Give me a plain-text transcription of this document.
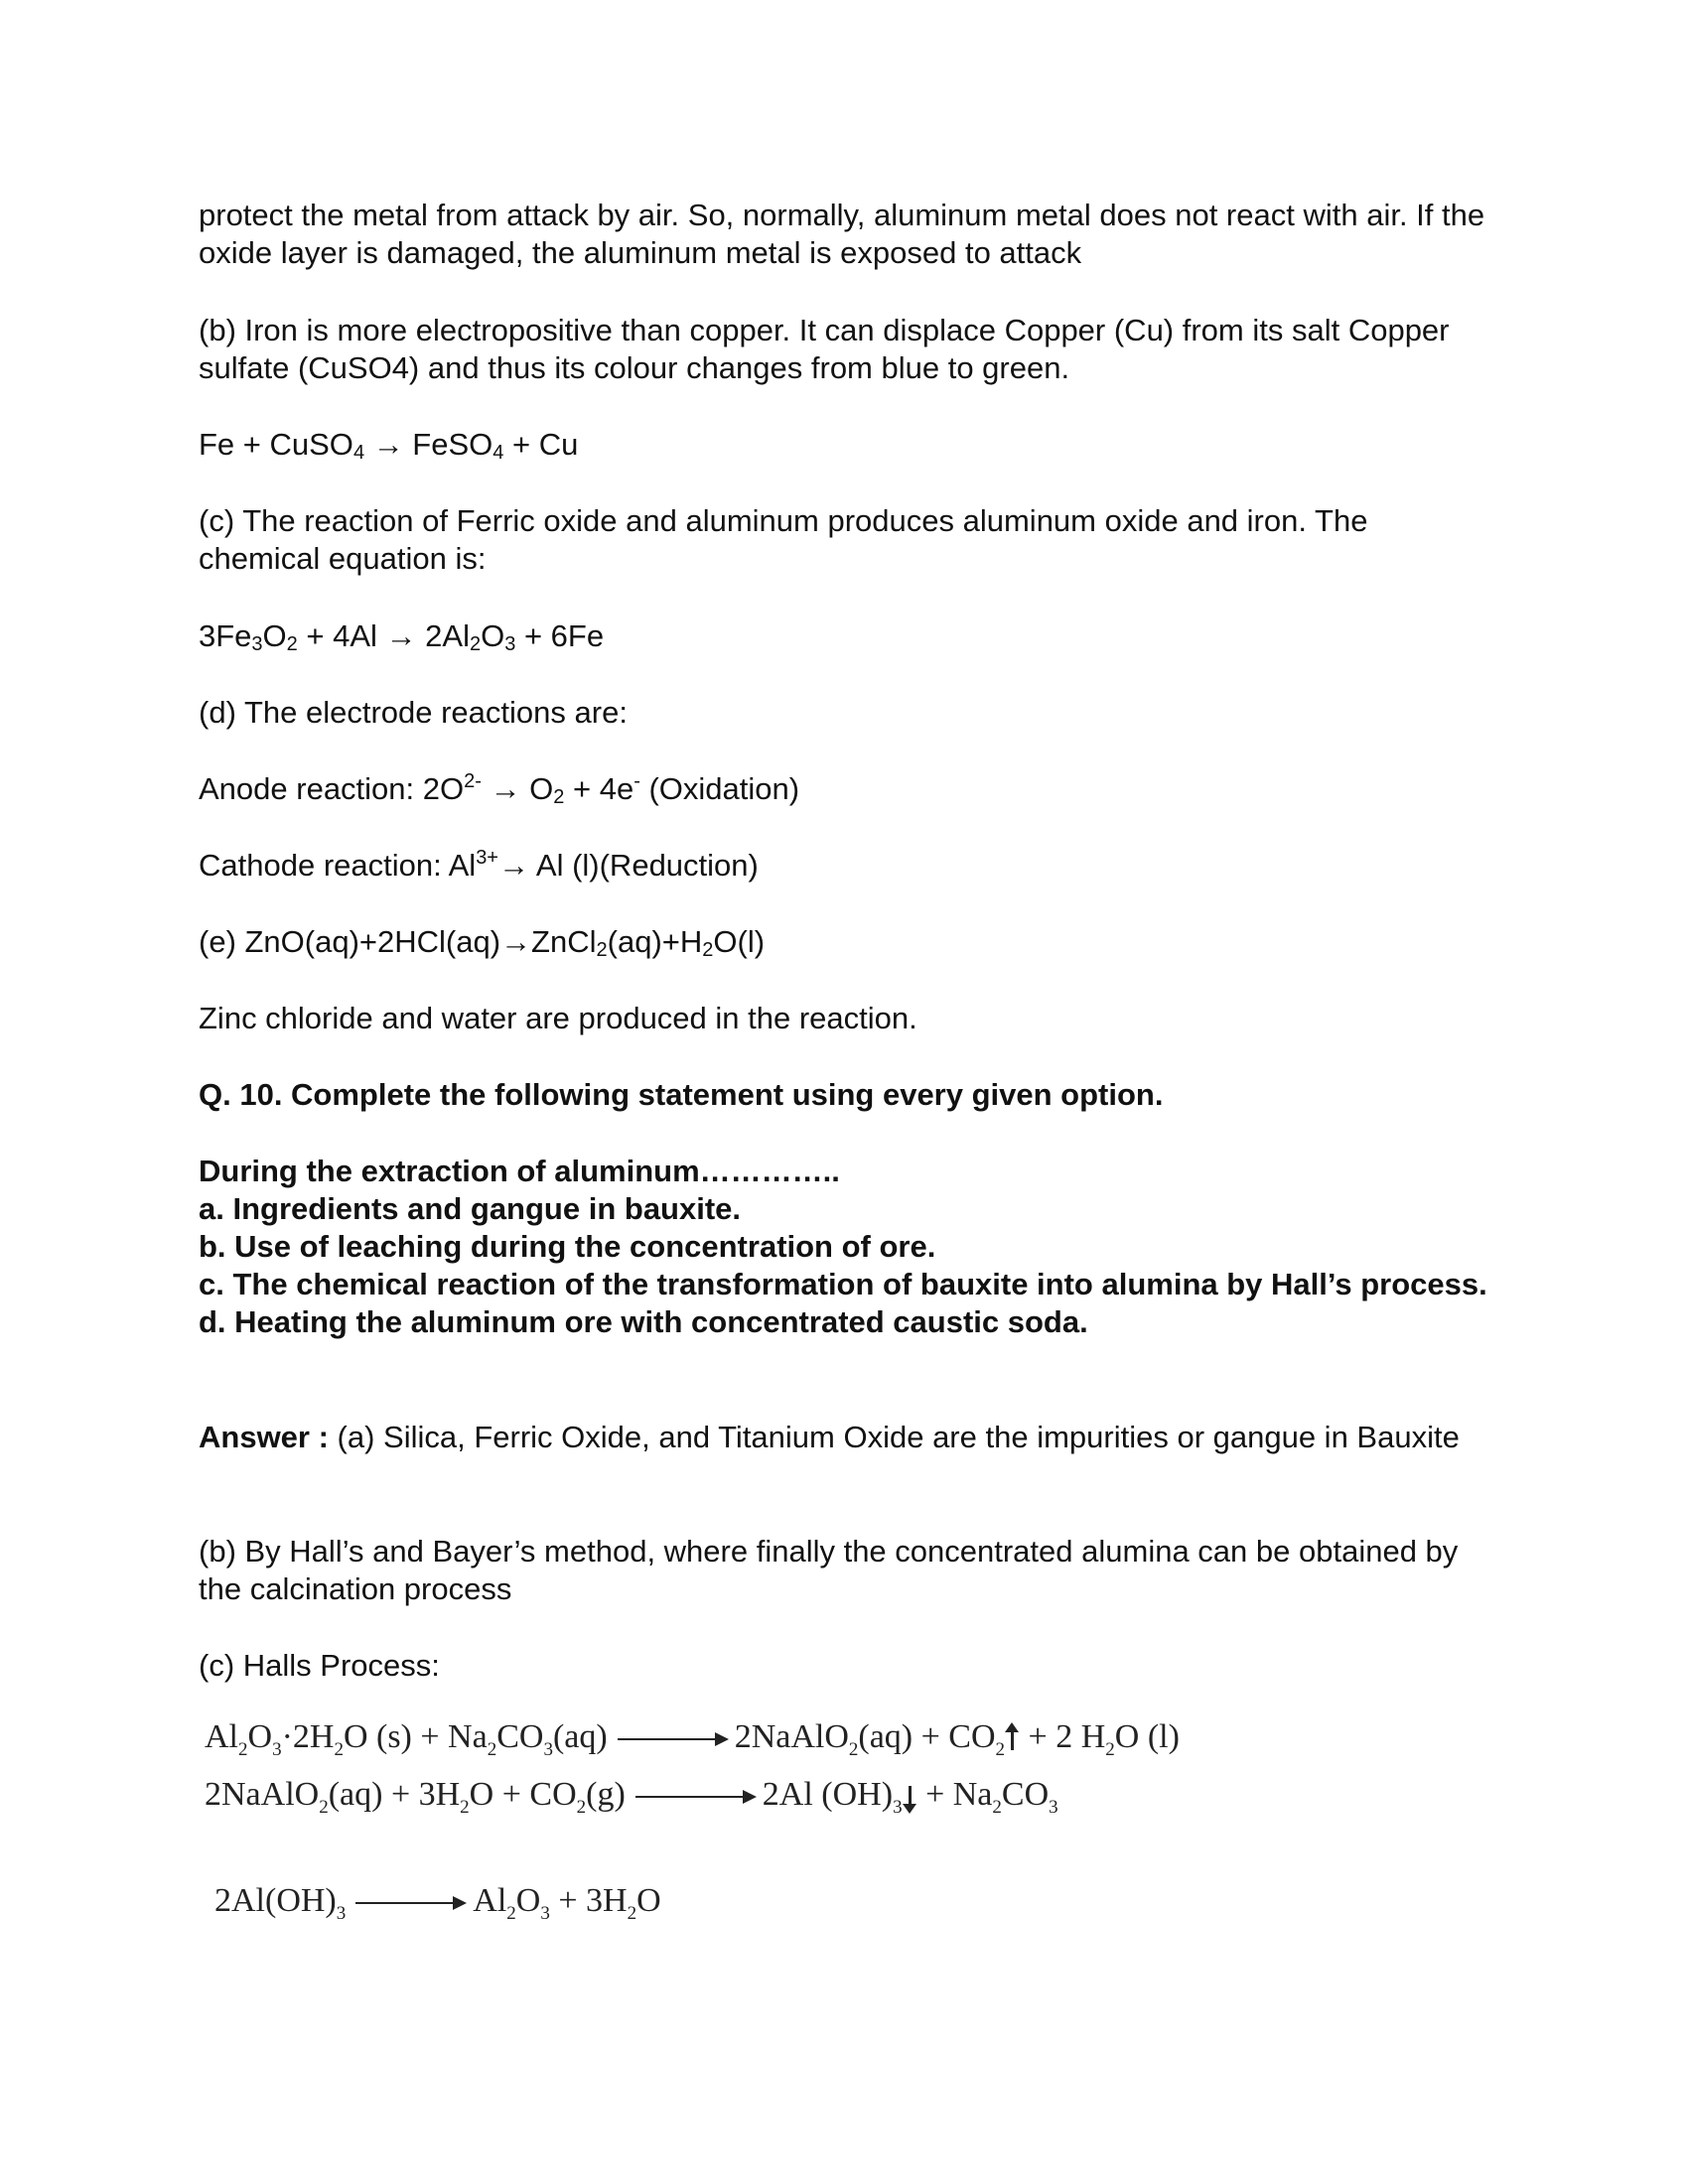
protect the metal from attack by air. So, normally, aluminum metal does not react with air. If the oxide layer is damaged, the aluminum metal is exposed to attack

(b) Iron is more electropositive than copper. It can displace Copper (Cu) from its salt Copper sulfate (CuSO4) and thus its colour changes from blue to green.

Fe + CuSO$_4$ → FeSO$_4$ + Cu

(c) The reaction of Ferric oxide and aluminum produces aluminum oxide and iron. The chemical equation is:

$3Fe_3O_2 + 4Al \to 2Al_2O_3 + 6Fe$

(d) The electrode reactions are:

Anode reaction: $2O^{2-} \to O_2 + 4e^-$ (Oxidation)

Cathode reaction: $Al^{3+}\to Al$ (l)(Reduction)

(e) $ZnO(aq)+2HCl(aq)\to ZnCl_2(aq)+H_2O(l)$

Zinc chloride and water are produced in the reaction.

Q. 10. Complete the following statement using every given option.

During the extraction of aluminum…………..
a. Ingredients and gangue in bauxite.
b. Use of leaching during the concentration of ore.
c. The chemical reaction of the transformation of bauxite into alumina by Hall’s process.
d. Heating the aluminum ore with concentrated caustic soda.

Answer : (a) Silica, Ferric Oxide, and Titanium Oxide are the impurities or gangue in Bauxite

(b) By Hall’s and Bayer’s method, where finally the concentrated alumina can be obtained by the calcination process

(c) Halls Process:

$Al_2O_3\cdot 2H_2O$ $(s) + Na_2CO_3(aq)$ → 2NaAlO$_2$(aq) + $CO_2 + 2$ $H_2O$ (l)
2NaAlO$_2$(aq) + $3H_2O + CO_2(g) \to 2Al$ $(OH)_3 + Na_2CO_3$
$2Al(OH)_3 \to Al_2O_3 + 3H_2O$
